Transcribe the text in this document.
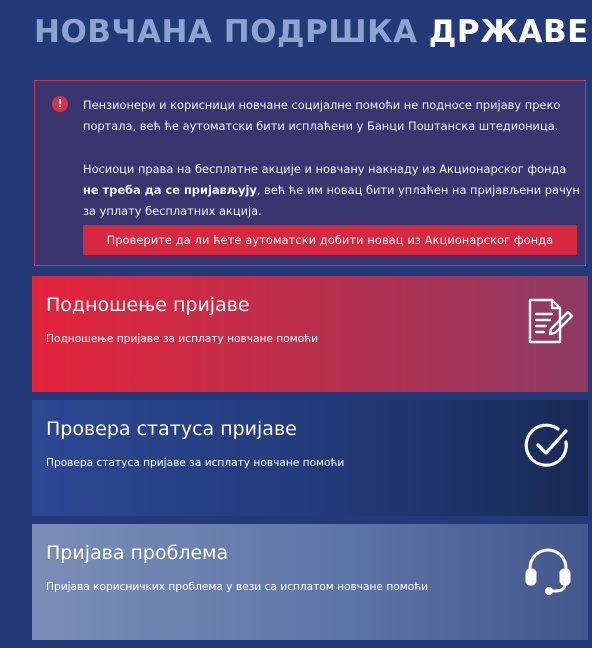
НОВЧАНА ПОДРШКА ДРЖАВЕ
!	Пензионери и корисници новчане социјалне помоћи не подносе пријаву преко портала, већ ће аутоматски бити исплаћени у Банци Поштанска штедионица.

Носиоци права на бесплатне акције и новчану накнаду из Акционарског фонда не треба да се пријављују, већ ће им новац бити уплаћен на пријављени рачун за уплату бесплатних акција.

Проверите да ли ћете аутоматски добити новац из Акционарског фонда
Подношење пријаве
Подношење пријаве за исплату новчане помоћи
Провера статуса пријаве
Провера статуса пријаве за исплату новчане помоћи
Пријава проблема
Пријава корисничких проблема у вези са исплатом новчане помоћи
